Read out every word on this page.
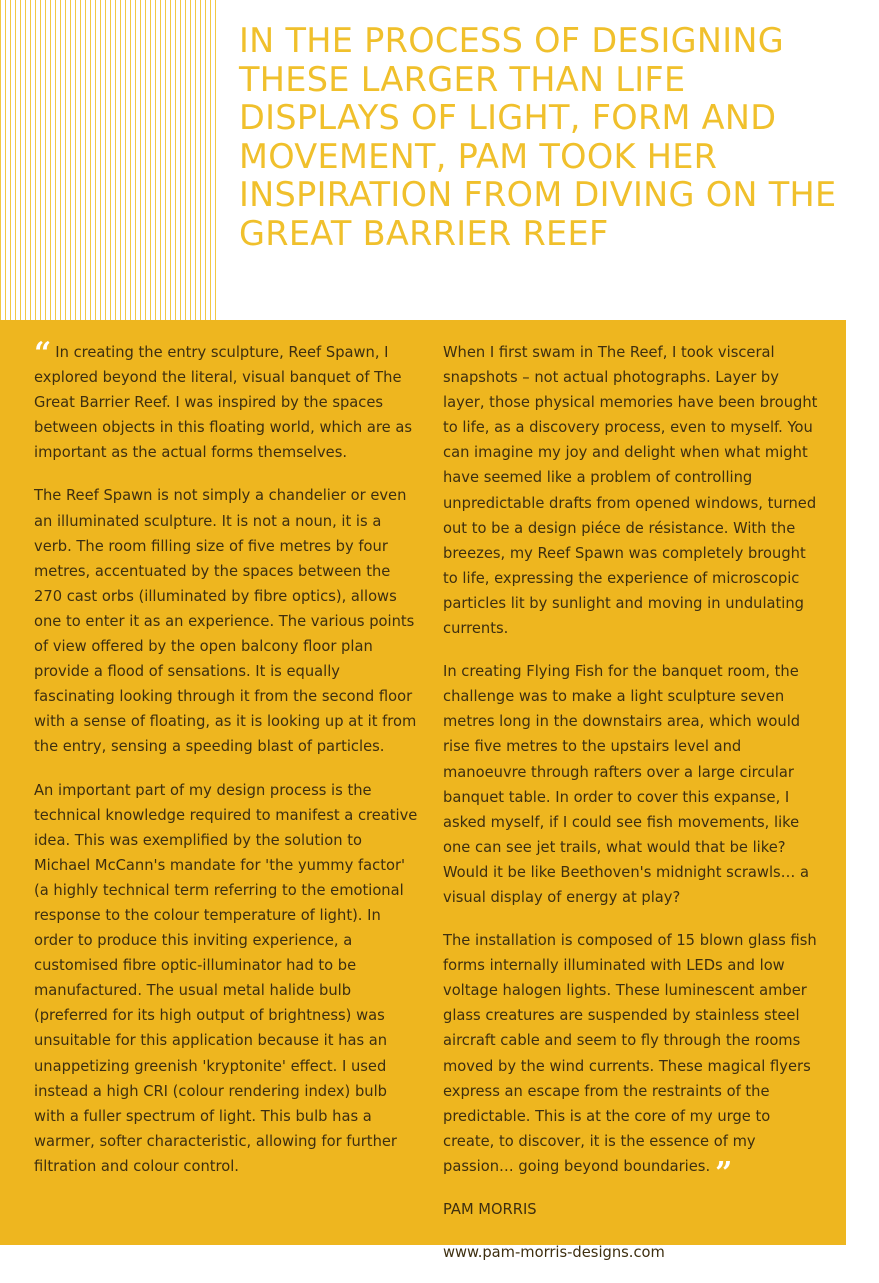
IN THE PROCESS OF DESIGNING THESE LARGER THAN LIFE DISPLAYS OF LIGHT, FORM AND MOVEMENT, PAM TOOK HER INSPIRATION FROM DIVING ON THE GREAT BARRIER REEF

“ In creating the entry sculpture, Reef Spawn, I explored beyond the literal, visual banquet of The Great Barrier Reef. I was inspired by the spaces between objects in this floating world, which are as important as the actual forms themselves.

The Reef Spawn is not simply a chandelier or even an illuminated sculpture. It is not a noun, it is a verb. The room filling size of five metres by four metres, accentuated by the spaces between the 270 cast orbs (illuminated by fibre optics), allows one to enter it as an experience. The various points of view offered by the open balcony floor plan provide a flood of sensations. It is equally fascinating looking through it from the second floor with a sense of floating, as it is looking up at it from the entry, sensing a speeding blast of particles.

An important part of my design process is the technical knowledge required to manifest a creative idea. This was exemplified by the solution to Michael McCann's mandate for 'the yummy factor' (a highly technical term referring to the emotional response to the colour temperature of light). In order to produce this inviting experience, a customised fibre optic-illuminator had to be manufactured. The usual metal halide bulb (preferred for its high output of brightness) was unsuitable for this application because it has an unappetizing greenish 'kryptonite' effect. I used instead a high CRI (colour rendering index) bulb with a fuller spectrum of light. This bulb has a warmer, softer characteristic, allowing for further filtration and colour control.

When I first swam in The Reef, I took visceral snapshots – not actual photographs. Layer by layer, those physical memories have been brought to life, as a discovery process, even to myself. You can imagine my joy and delight when what might have seemed like a problem of controlling unpredictable drafts from opened windows, turned out to be a design piéce de résistance. With the breezes, my Reef Spawn was completely brought to life, expressing the experience of microscopic particles lit by sunlight and moving in undulating currents.

In creating Flying Fish for the banquet room, the challenge was to make a light sculpture seven metres long in the downstairs area, which would rise five metres to the upstairs level and manoeuvre through rafters over a large circular banquet table. In order to cover this expanse, I asked myself, if I could see fish movements, like one can see jet trails, what would that be like? Would it be like Beethoven's midnight scrawls… a visual display of energy at play?

The installation is composed of 15 blown glass fish forms internally illuminated with LEDs and low voltage halogen lights. These luminescent amber glass creatures are suspended by stainless steel aircraft cable and seem to fly through the rooms moved by the wind currents. These magical flyers express an escape from the restraints of the predictable. This is at the core of my urge to create, to discover, it is the essence of my passion… going beyond boundaries. ”

PAM MORRIS

www.pam-morris-designs.com
